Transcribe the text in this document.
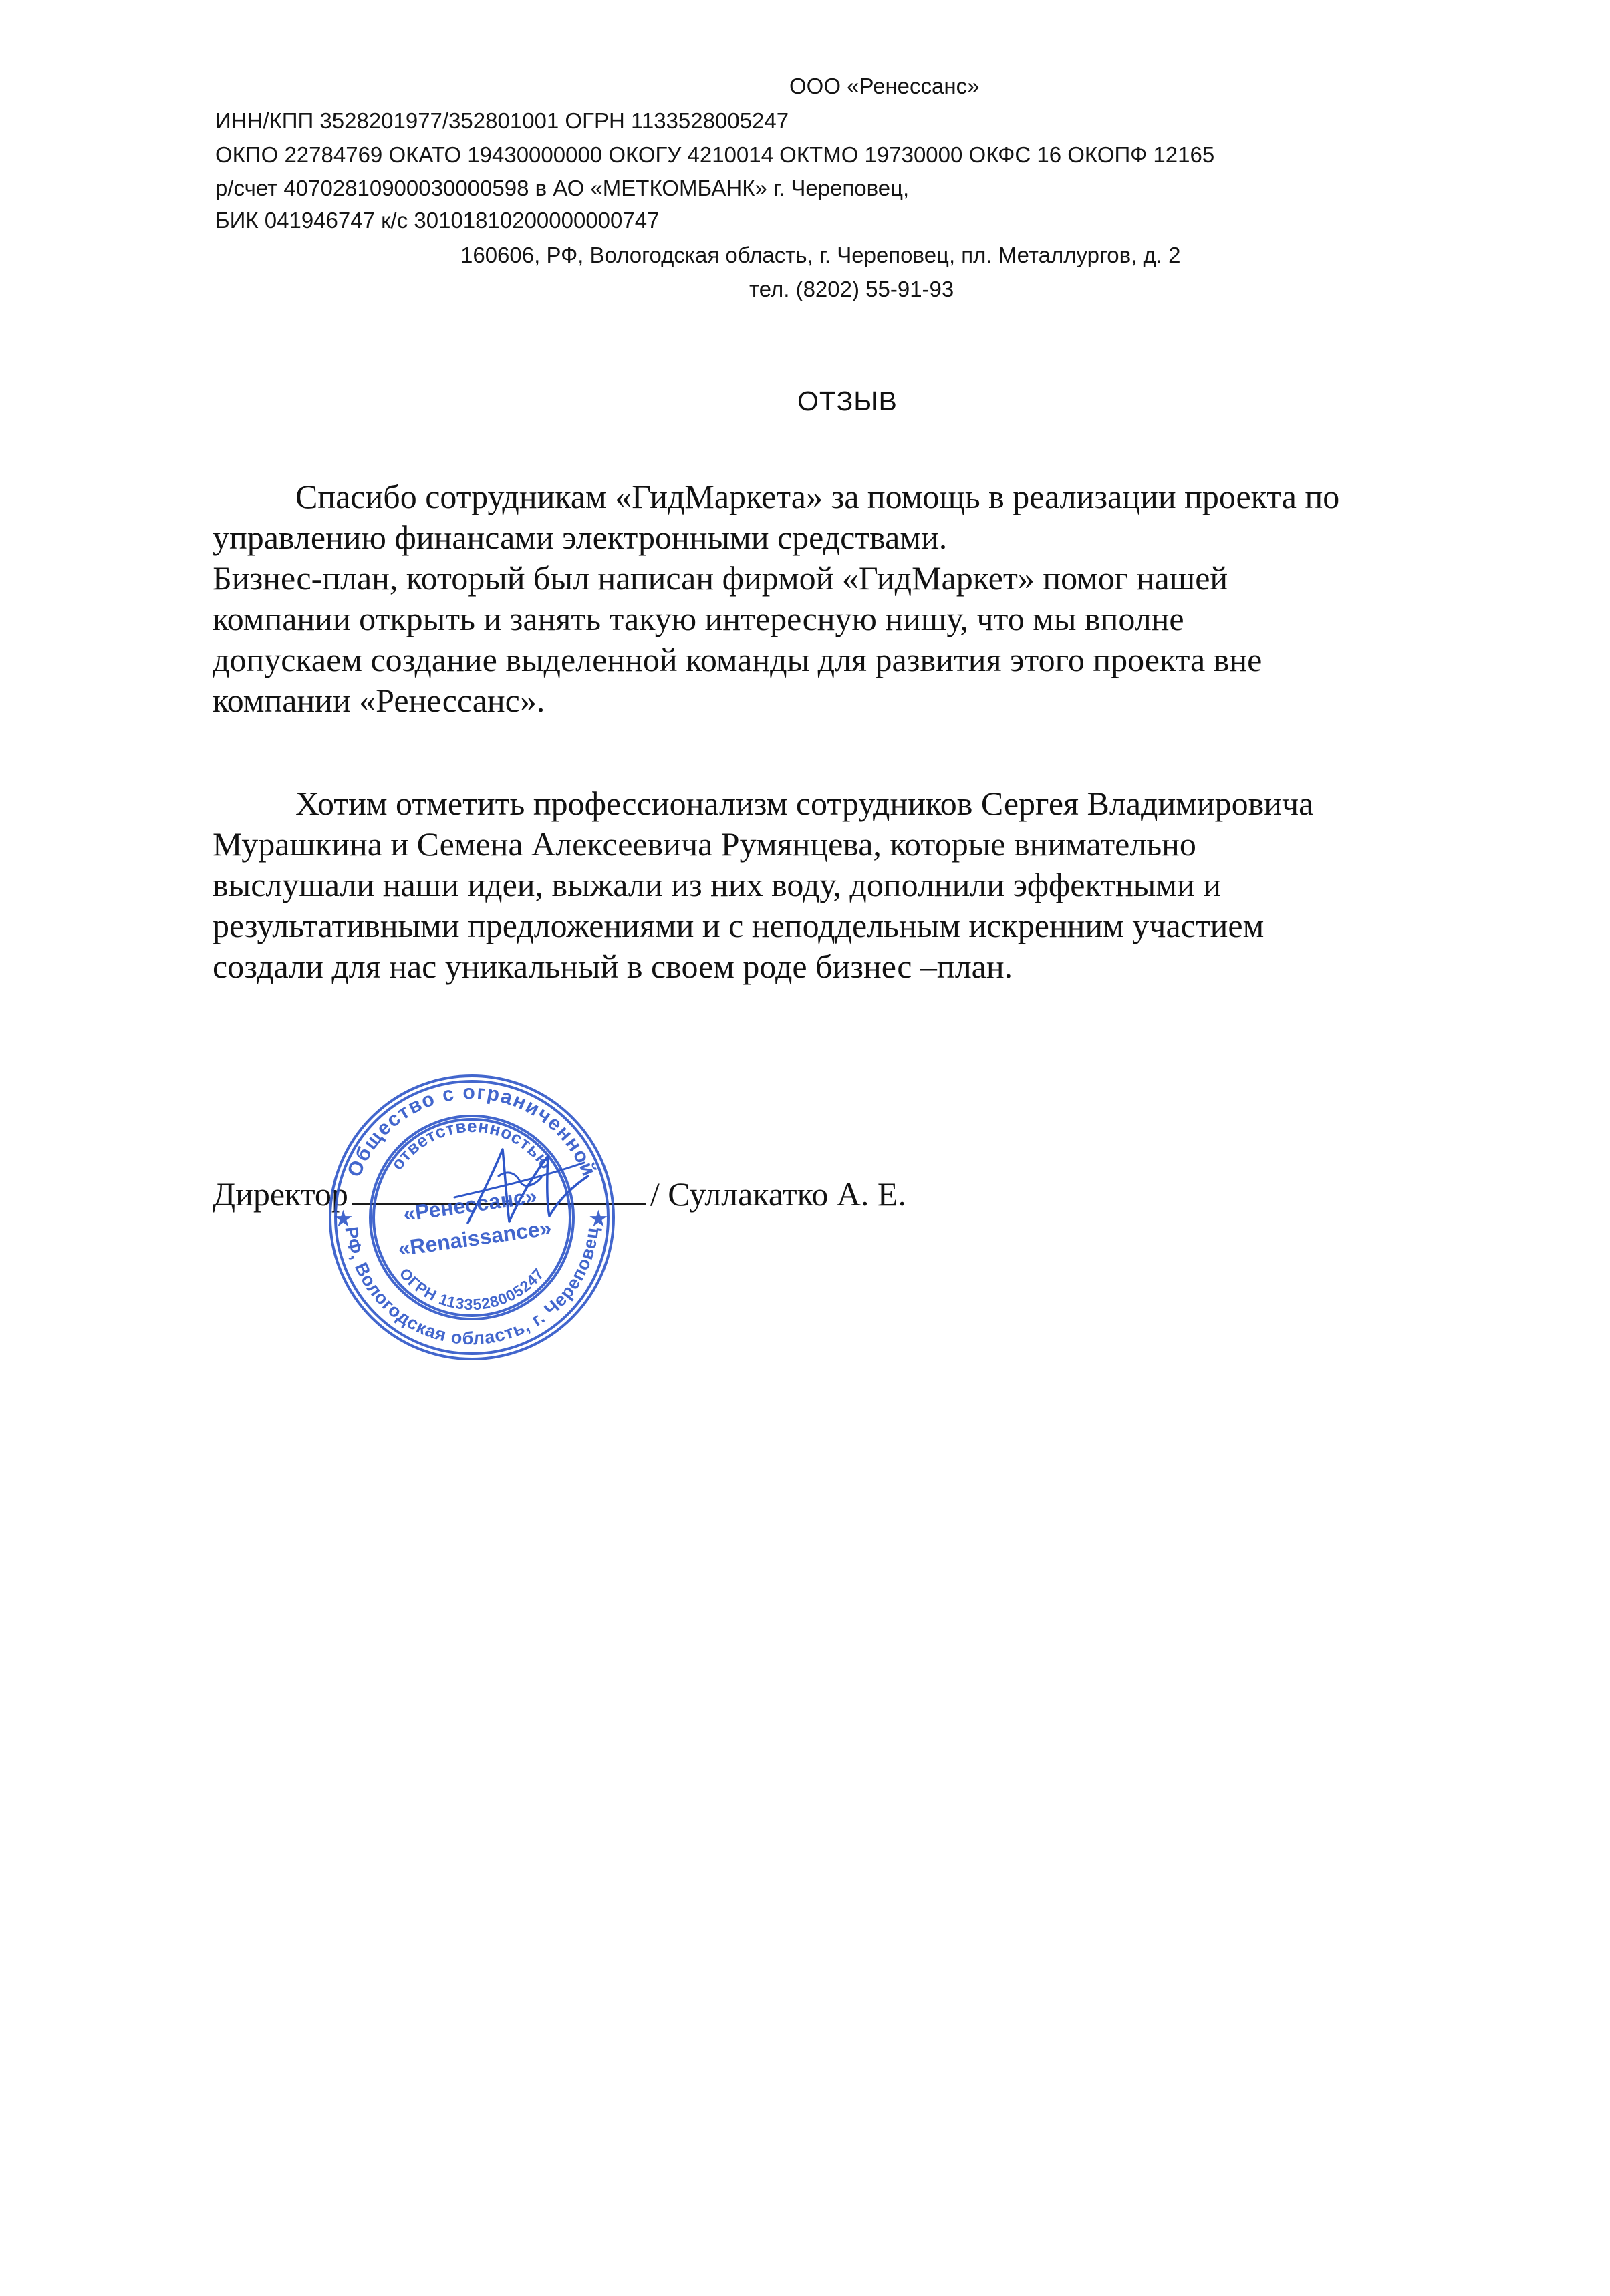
ООО «Ренессанс»
ИНН/КПП 3528201977/352801001 ОГРН 1133528005247
ОКПО 22784769 ОКАТО 19430000000 ОКОГУ 4210014 ОКТМО 19730000 ОКФС 16 ОКОПФ 12165
р/счет 40702810900030000598 в АО «МЕТКОМБАНК» г. Череповец,
БИК 041946747 к/с 30101810200000000747
160606, РФ, Вологодская область, г. Череповец, пл. Металлургов, д. 2
тел. (8202) 55-91-93
ОТЗЫВ

Спасибо сотрудникам «ГидМаркета» за помощь в реализации проекта по

управлению финансами электронными средствами.

Бизнес-план, который был написан фирмой «ГидМаркет» помог нашей

компании открыть и занять такую интересную нишу, что мы вполне

допускаем создание выделенной команды для развития этого проекта вне

компании «Ренессанс».

Хотим отметить профессионализм сотрудников Сергея Владимировича

Мурашкина и Семена Алексеевича Румянцева, которые внимательно

выслушали наши идеи, выжали из них воду, дополнили эффектными и

результативными предложениями и с неподдельным искренним участием

создали для нас уникальный в своем роде бизнес –план.

Директор	/ Суллакатко А. Е.
Общество с ограниченной
ответственностью
РФ, Вологодская область, г. Череповец
ОГРН 1133528005247
«Ренессанс»
«Renaissance»
★	★
